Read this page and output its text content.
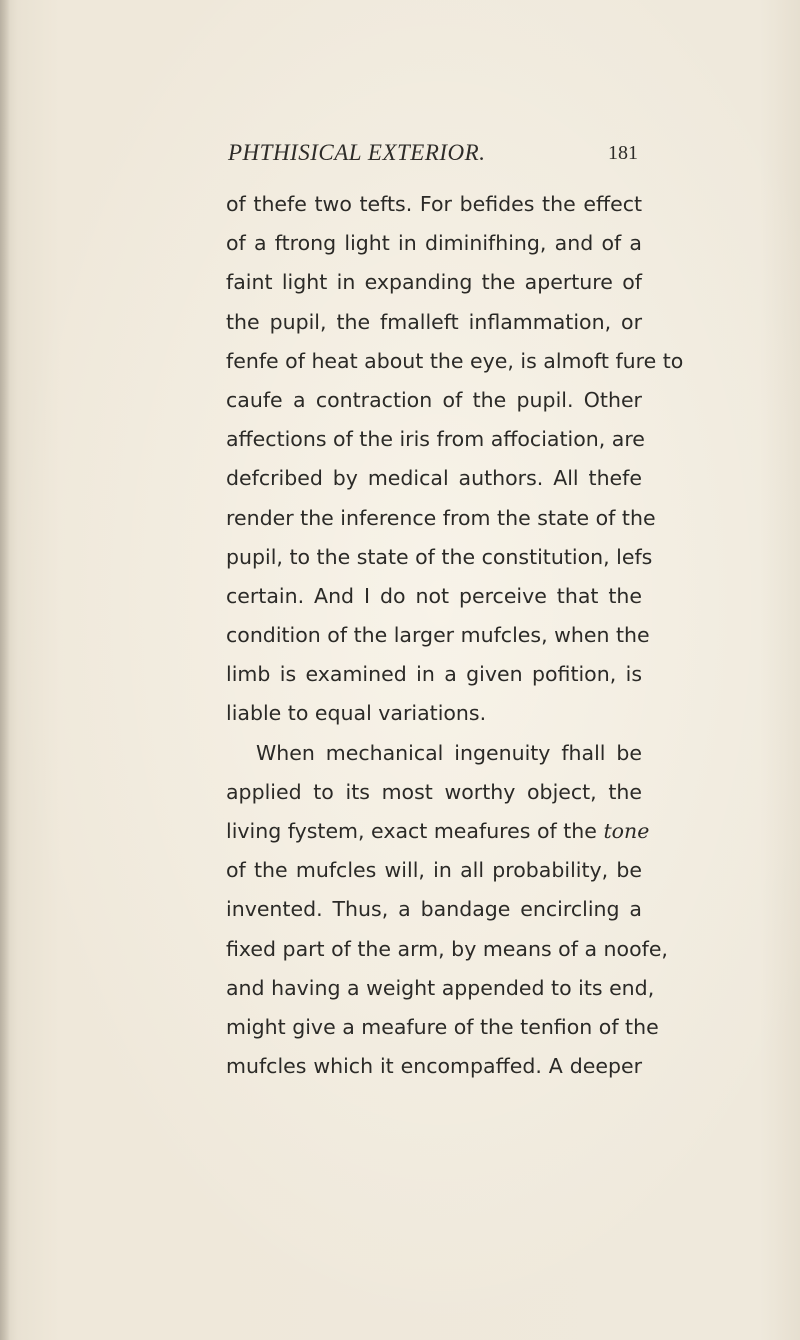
PHTHISICAL EXTERIOR.	181
of thefe two tefts. For befides the effect
of a ftrong light in diminifhing, and of a
faint light in expanding the aperture of
the pupil, the fmalleft inflammation, or
fenfe of heat about the eye, is almoft fure to
caufe a contraction of the pupil. Other
affections of the iris from affociation, are
defcribed by medical authors. All thefe
render the inference from the state of the
pupil, to the state of the constitution, lefs
certain. And I do not perceive that the
condition of the larger mufcles, when the
limb is examined in a given pofition, is
liable to equal variations.
When mechanical ingenuity fhall be
applied to its most worthy object, the
living fystem, exact meafures of the tone
of the mufcles will, in all probability, be
invented. Thus, a bandage encircling a
fixed part of the arm, by means of a noofe,
and having a weight appended to its end,
might give a meafure of the tenfion of the
mufcles which it encompaffed. A deeper
